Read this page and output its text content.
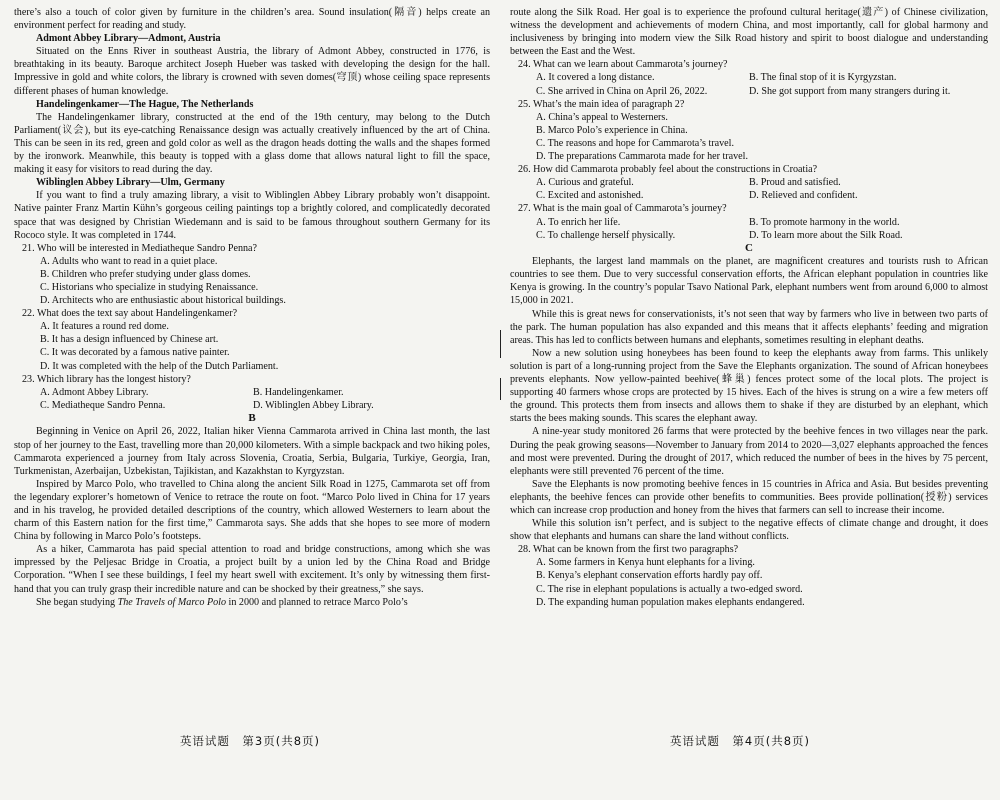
there’s also a touch of color given by furniture in the children’s area. Sound insulation(隔音) helps create an environment perfect for reading and study.

Admont Abbey Library—Admont, Austria

Situated on the Enns River in southeast Austria, the library of Admont Abbey, constructed in 1776, is breathtaking in its beauty. Baroque architect Joseph Hueber was tasked with developing the design for the hall. Impressive in gold and white colors, the library is crowned with seven domes(穹顶) whose ceiling space represents different phases of human knowledge.

Handelingenkamer—The Hague, The Netherlands

The Handelingenkamer library, constructed at the end of the 19th century, may belong to the Dutch Parliament(议会), but its eye-catching Renaissance design was actually creatively influenced by the art of China. This can be seen in its red, green and gold color as well as the dragon heads dotting the walls and the shapes formed by the ironwork. Meanwhile, this beauty is topped with a glass dome that allows natural light to fill the space, making it easy for visitors to read during the day.

Wiblinglen Abbey Library—Ulm, Germany

If you want to find a truly amazing library, a visit to Wiblinglen Abbey Library probably won’t disappoint. Native painter Franz Martin Kühn’s gorgeous ceiling paintings top a brightly colored, and complicatedly decorated space that was designed by Christian Wiedemann and is said to be famous throughout southern Germany for its Rococo style. It was completed in 1744.

21. Who will be interested in Mediatheque Sandro Penna?

A. Adults who want to read in a quiet place.

B. Children who prefer studying under glass domes.

C. Historians who specialize in studying Renaissance.

D. Architects who are enthusiastic about historical buildings.

22. What does the text say about Handelingenkamer?

A. It features a round red dome.

B. It has a design influenced by Chinese art.

C. It was decorated by a famous native painter.

D. It was completed with the help of the Dutch Parliament.

23. Which library has the longest history?

A. Admont Abbey Library.	B. Handelingenkamer.
C. Mediatheque Sandro Penna.	D. Wiblinglen Abbey Library.

B

Beginning in Venice on April 26, 2022, Italian hiker Vienna Cammarota arrived in China last month, the last stop of her journey to the East, travelling more than 20,000 kilometers. With a simple backpack and two hiking poles, Cammarota experienced a journey from Italy across Slovenia, Croatia, Serbia, Bulgaria, Turkiye, Georgia, Iran, Turkmenistan, Azerbaijan, Uzbekistan, Tajikistan, and Kazakhstan to Kyrgyzstan.

Inspired by Marco Polo, who travelled to China along the ancient Silk Road in 1275, Cammarota set off from the legendary explorer’s hometown of Venice to retrace the route on foot. “Marco Polo lived in China for 17 years and in his travelog, he provided detailed descriptions of the country, which allowed Westerners to learn about the charm of this Eastern nation for the first time,” Cammarota says. She adds that she hopes to see more of modern China by following in Marco Polo’s footsteps.

As a hiker, Cammarota has paid special attention to road and bridge constructions, among which she was impressed by the Peljesac Bridge in Croatia, a project built by a union led by the China Road and Bridge Corporation. “When I see these buildings, I feel my heart swell with excitement. It’s only by witnessing them first-hand that you can truly grasp their incredible nature and can be shocked by their greatness,” she says.

She began studying The Travels of Marco Polo in 2000 and planned to retrace Marco Polo’s

英语试题　第3页(共8页)

route along the Silk Road. Her goal is to experience the profound cultural heritage(遗产) of Chinese civilization, witness the development and achievements of modern China, and most importantly, call for global harmony and inclusiveness by bringing into modern view the Silk Road history and spirit to boost dialogue and understanding between the East and the West.

24. What can we learn about Cammarota’s journey?

A. It covered a long distance.	B. The final stop of it is Kyrgyzstan.
C. She arrived in China on April 26, 2022.	D. She got support from many strangers during it.

25. What’s the main idea of paragraph 2?

A. China’s appeal to Westerners.

B. Marco Polo’s experience in China.

C. The reasons and hope for Cammarota’s travel.

D. The preparations Cammarota made for her travel.

26. How did Cammarota probably feel about the constructions in Croatia?

A. Curious and grateful.	B. Proud and satisfied.
C. Excited and astonished.	D. Relieved and confident.

27. What is the main goal of Cammarota’s journey?

A. To enrich her life.	B. To promote harmony in the world.
C. To challenge herself physically.	D. To learn more about the Silk Road.

C

Elephants, the largest land mammals on the planet, are magnificent creatures and tourists rush to African countries to see them. Due to very successful conservation efforts, the African elephant population in countries like Kenya is growing. In the country’s popular Tsavo National Park, elephant numbers went from around 6,000 to almost 15,000 in 2021.

While this is great news for conservationists, it’s not seen that way by farmers who live in between two parts of the park. The human population has also expanded and this means that it affects elephants’ feeding and migration areas. This has led to conflicts between humans and elephants, sometimes resulting in elephant deaths.

Now a new solution using honeybees has been found to keep the elephants away from farms. This unlikely solution is part of a long-running project from the Save the Elephants organization. The sound of African honeybees prevents elephants. Now yellow-painted beehive(蜂巢) fences protect some of the local plots. The project is supporting 40 farmers whose crops are protected by 15 hives. Each of the hives is strung on a wire a few meters off the ground. This protects them from insects and allows them to shake if they are disturbed by an elephant, which starts the bees making sounds. This scares the elephant away.

A nine-year study monitored 26 farms that were protected by the beehive fences in two villages near the park. During the peak growing seasons—November to January from 2014 to 2020—3,027 elephants approached the fences and most were prevented. During the drought of 2017, which reduced the number of bees in the hives by 75 percent, elephants were still prevented 76 percent of the time.

Save the Elephants is now promoting beehive fences in 15 countries in Africa and Asia. But besides preventing elephants, the beehive fences can provide other benefits to communities. Bees provide pollination(授粉) services which can increase crop production and honey from the hives that farmers can sell to increase their income.

While this solution isn’t perfect, and is subject to the negative effects of climate change and drought, it does show that elephants and humans can share the land without conflicts.

28. What can be known from the first two paragraphs?

A. Some farmers in Kenya hunt elephants for a living.

B. Kenya’s elephant conservation efforts hardly pay off.

C. The rise in elephant populations is actually a two-edged sword.

D. The expanding human population makes elephants endangered.

英语试题　第4页(共8页)
